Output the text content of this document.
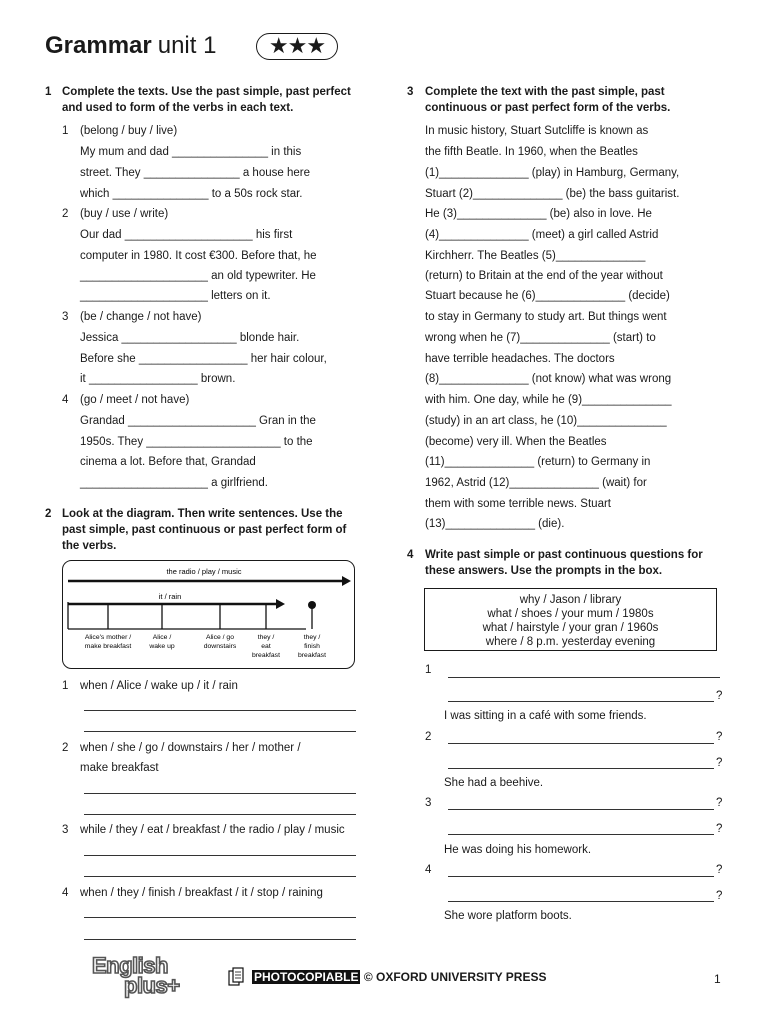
Grammar unit 1	★★★
1 Complete the texts. Use the past simple, past perfect and used to form of the verbs in each text.
1 (belong / buy / live)
My mum and dad _______________ in this
street. They _______________ a house here
which _______________ to a 50s rock star.
2 (buy / use / write)
Our dad ____________________ his first
computer in 1980. It cost €300. Before that, he
____________________ an old typewriter. He
____________________ letters on it.
3 (be / change / not have)
Jessica __________________ blonde hair.
Before she _________________ her hair colour,
it _________________ brown.
4 (go / meet / not have)
Grandad ____________________ Gran in the
1950s. They _____________________ to the
cinema a lot. Before that, Grandad
____________________ a girlfriend.
2 Look at the diagram. Then write sentences. Use the past simple, past continuous or past perfect form of the verbs.
the radio / play / music
it / rain
Alice's mother /
make breakfast
Alice /
wake up
Alice / go
downstairs
they /
eat
breakfast
they /
finish
breakfast
1 when / Alice / wake up / it / rain
2 when / she / go / downstairs / her / mother /
make breakfast
3 while / they / eat / breakfast / the radio / play / music
4 when / they / finish / breakfast / it / stop / raining
3 Complete the text with the past simple, past continuous or past perfect form of the verbs.
In music history, Stuart Sutcliffe is known as
the fifth Beatle. In 1960, when the Beatles
(1)______________ (play) in Hamburg, Germany,
Stuart (2)______________ (be) the bass guitarist.
He (3)______________ (be) also in love. He
(4)______________ (meet) a girl called Astrid
Kirchherr. The Beatles (5)______________
(return) to Britain at the end of the year without
Stuart because he (6)______________ (decide)
to stay in Germany to study art. But things went
wrong when he (7)______________ (start) to
have terrible headaches. The doctors
(8)______________ (not know) what was wrong
with him. One day, while he (9)______________
(study) in an art class, he (10)______________
(become) very ill. When the Beatles
(11)______________ (return) to Germany in
1962, Astrid (12)______________ (wait) for
them with some terrible news. Stuart
(13)______________ (die).
4 Write past simple or past continuous questions for these answers. Use the prompts in the box.
why / Jason / library
what / shoes / your mum / 1980s
what / hairstyle / your gran / 1960s
where / 8 p.m. yesterday evening
1
?
I was sitting in a café with some friends.
2	?
?
She had a beehive.
3	?
?
He was doing his homework.
4	?
?
She wore platform boots.
English
plus+	PHOTOCOPIABLE © OXFORD UNIVERSITY PRESS	1
